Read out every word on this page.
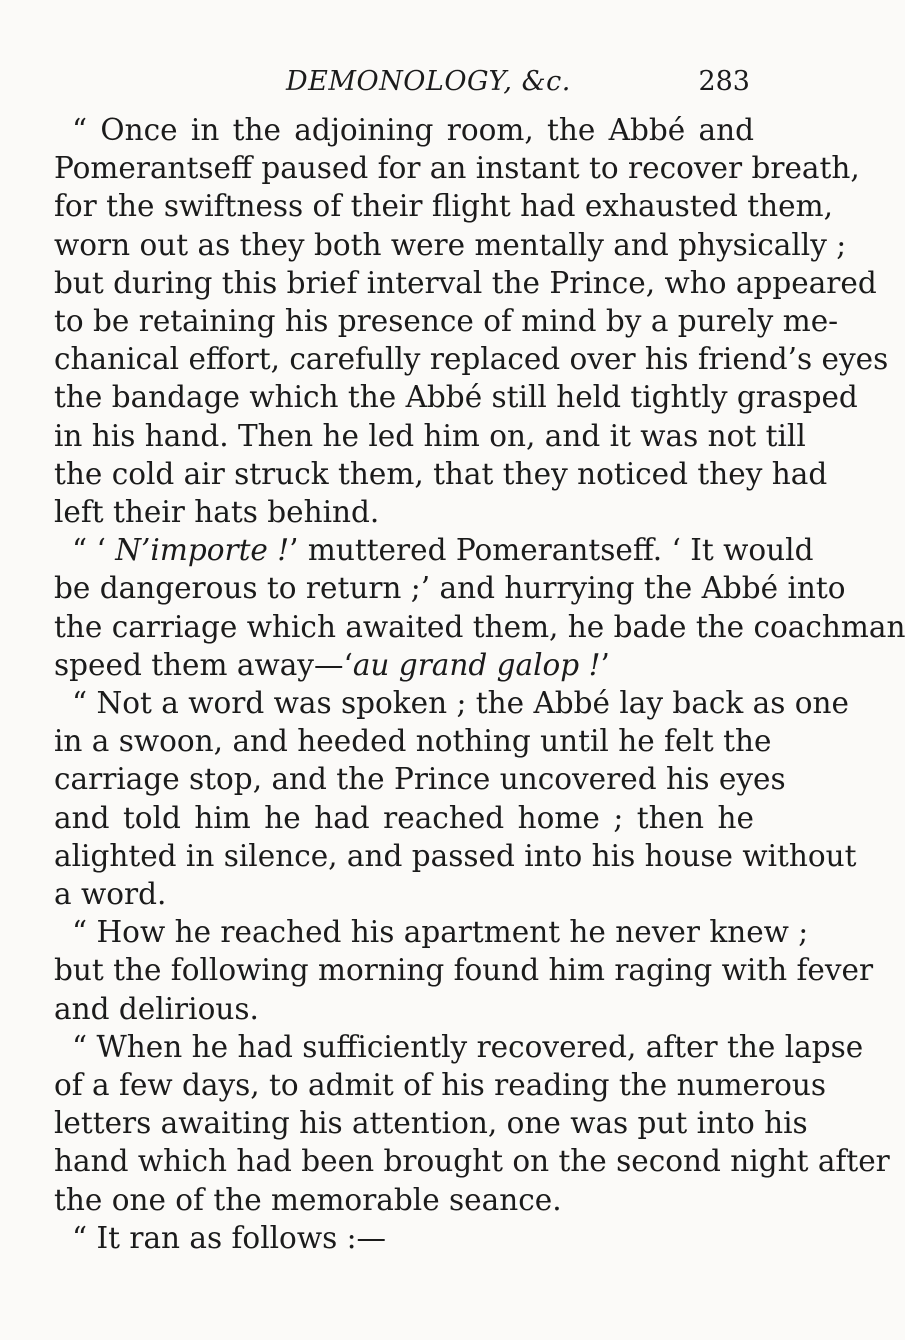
DEMONOLOGY, &c.	283
“ Once in the adjoining room, the Abbé and
Pomerantseff paused for an instant to recover breath,
for the swiftness of their flight had exhausted them,
worn out as they both were mentally and physically ;
but during this brief interval the Prince, who appeared
to be retaining his presence of mind by a purely me-
chanical effort, carefully replaced over his friend’s eyes
the bandage which the Abbé still held tightly grasped
in his hand. Then he led him on, and it was not till
the cold air struck them, that they noticed they had
left their hats behind.
“ ‘ N’importe !’ muttered Pomerantseff. ‘ It would
be dangerous to return ;’ and hurrying the Abbé into
the carriage which awaited them, he bade the coachman
speed them away—‘au grand galop !’
“ Not a word was spoken ; the Abbé lay back as one
in a swoon, and heeded nothing until he felt the
carriage stop, and the Prince uncovered his eyes
and told him he had reached home ; then he
alighted in silence, and passed into his house without
a word.
“ How he reached his apartment he never knew ;
but the following morning found him raging with fever
and delirious.
“ When he had sufficiently recovered, after the lapse
of a few days, to admit of his reading the numerous
letters awaiting his attention, one was put into his
hand which had been brought on the second night after
the one of the memorable seance.
“ It ran as follows :—
